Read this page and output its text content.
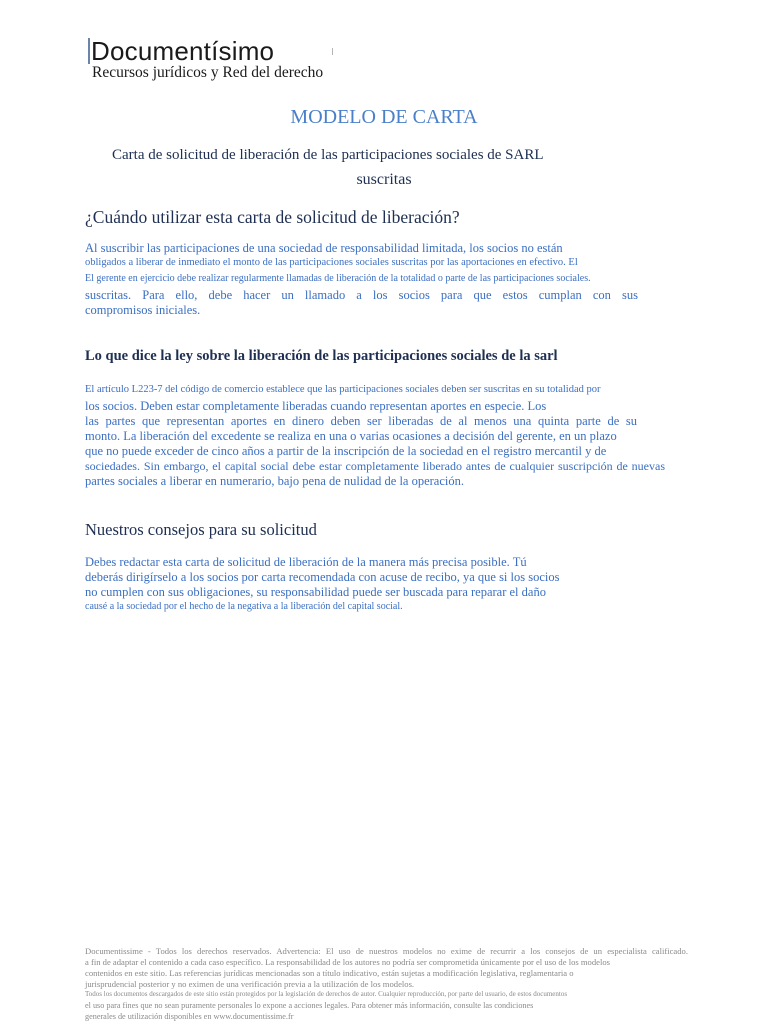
Documentísimo
Recursos jurídicos y Red del derecho
MODELO DE CARTA
Carta de solicitud de liberación de las participaciones sociales de SARL
suscritas
¿Cuándo utilizar esta carta de solicitud de liberación?
Al suscribir las participaciones de una sociedad de responsabilidad limitada, los socios no están
obligados a liberar de inmediato el monto de las participaciones sociales suscritas por las aportaciones en efectivo. El
El gerente en ejercicio debe realizar regularmente llamadas de liberación de la totalidad o parte de las participaciones sociales.
suscritas. Para ello, debe hacer un llamado a los socios para que estos cumplan con sus
compromisos iniciales.
Lo que dice la ley sobre la liberación de las participaciones sociales de la sarl
El artículo L223-7 del código de comercio establece que las participaciones sociales deben ser suscritas en su totalidad por
los socios. Deben estar completamente liberadas cuando representan aportes en especie. Los
las partes que representan aportes en dinero deben ser liberadas de al menos una quinta parte de su
monto. La liberación del excedente se realiza en una o varias ocasiones a decisión del gerente, en un plazo
que no puede exceder de cinco años a partir de la inscripción de la sociedad en el registro mercantil y de
sociedades. Sin embargo, el capital social debe estar completamente liberado antes de cualquier suscripción de nuevas
partes sociales a liberar en numerario, bajo pena de nulidad de la operación.
Nuestros consejos para su solicitud
Debes redactar esta carta de solicitud de liberación de la manera más precisa posible. Tú
deberás dirigírselo a los socios por carta recomendada con acuse de recibo, ya que si los socios
no cumplen con sus obligaciones, su responsabilidad puede ser buscada para reparar el daño
causé a la sociedad por el hecho de la negativa a la liberación del capital social.
Documentissime - Todos los derechos reservados. Advertencia: El uso de nuestros modelos no exime de recurrir a los consejos de un especialista calificado.
a fin de adaptar el contenido a cada caso específico. La responsabilidad de los autores no podría ser comprometida únicamente por el uso de los modelos
contenidos en este sitio. Las referencias jurídicas mencionadas son a título indicativo, están sujetas a modificación legislativa, reglamentaria o
jurisprudencial posterior y no eximen de una verificación previa a la utilización de los modelos.
Todos los documentos descargados de este sitio están protegidos por la legislación de derechos de autor. Cualquier reproducción, por parte del usuario, de estos documentos
el uso para fines que no sean puramente personales lo expone a acciones legales. Para obtener más información, consulte las condiciones
generales de utilización disponibles en www.documentissime.fr
